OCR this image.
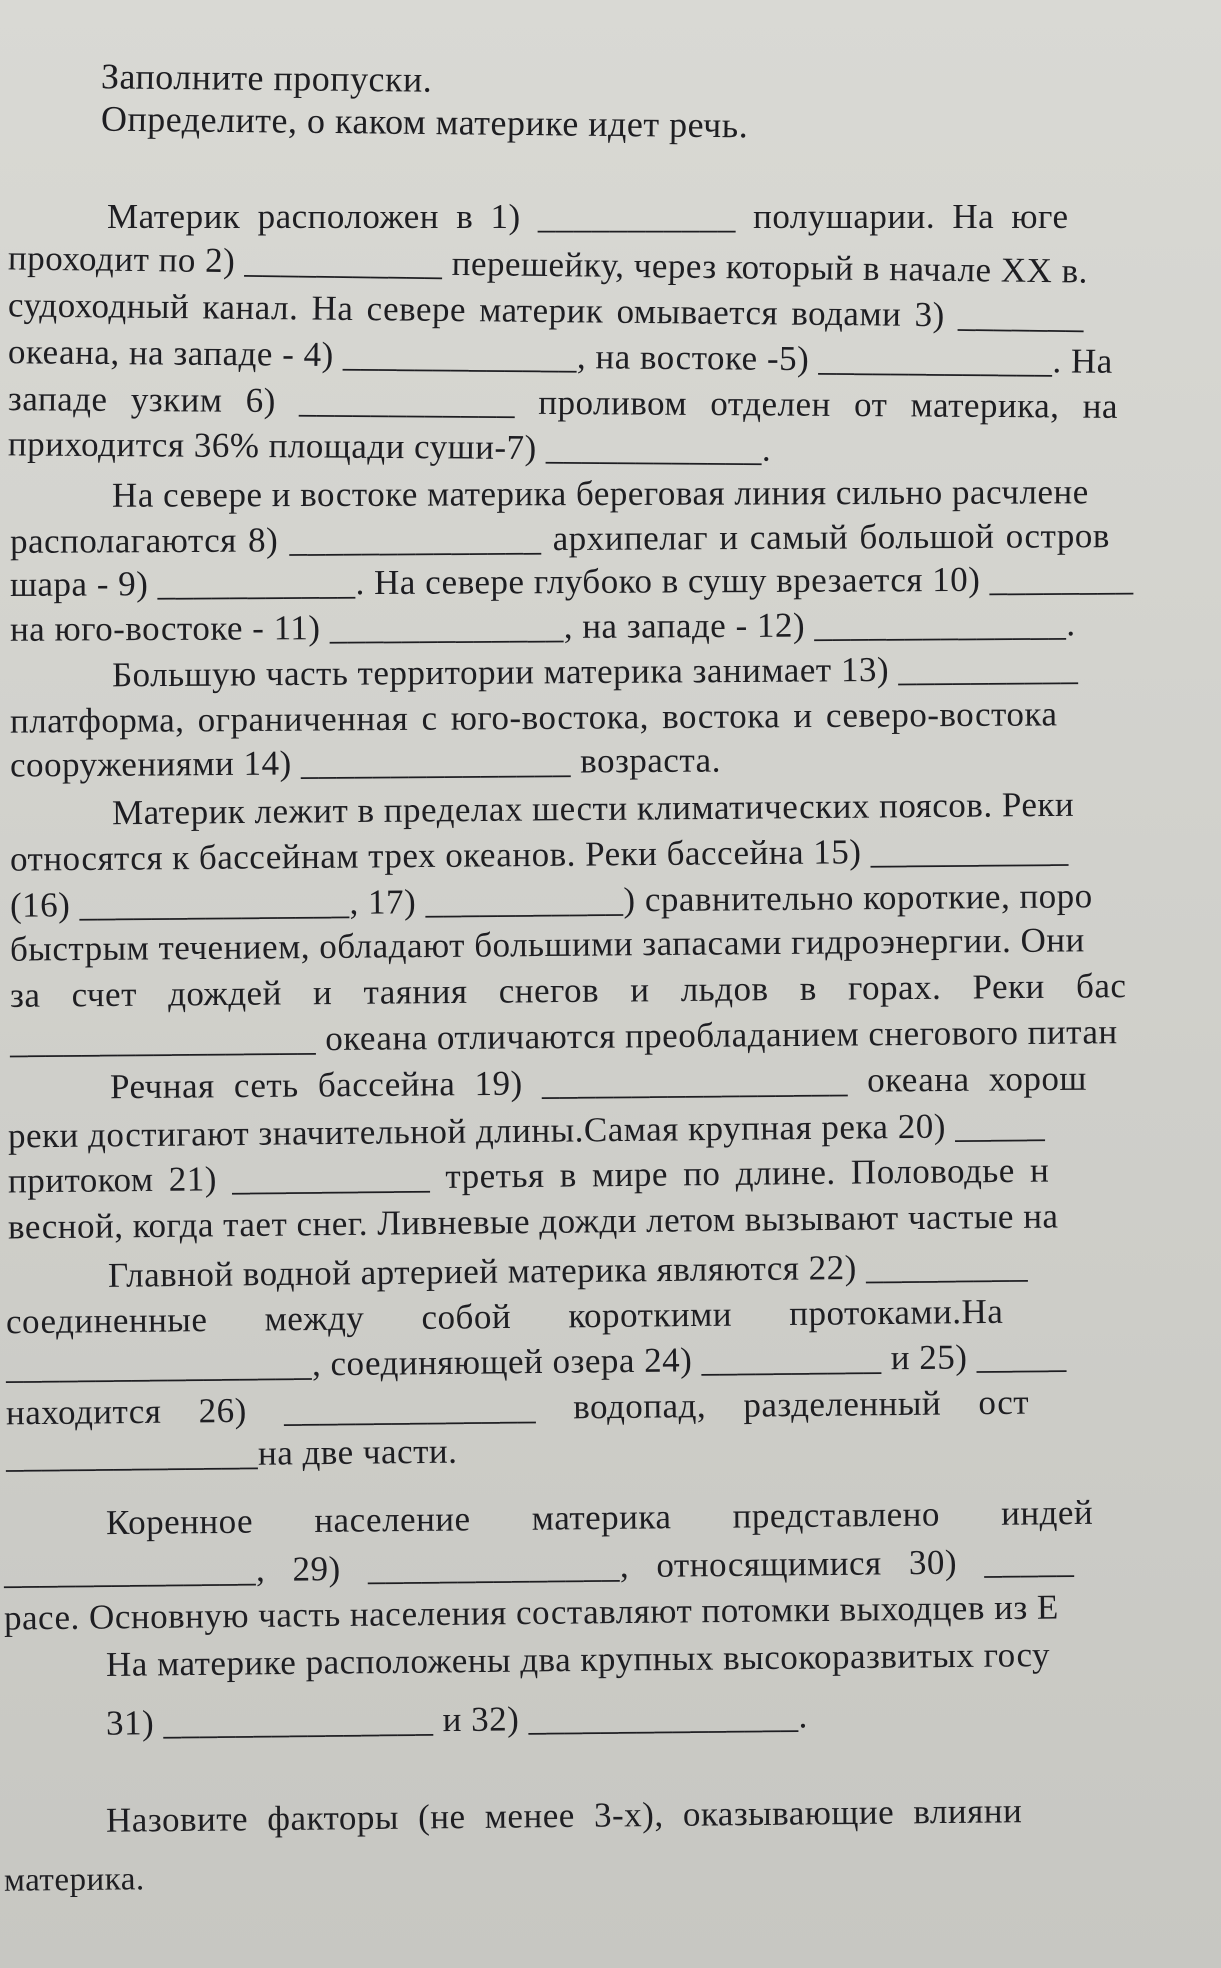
Заполните пропуски.
Определите, о каком материке идет речь.
Материк расположен в 1) ___________ полушарии. На юге
проходит по 2) ___________ перешейку, через который в начале XX в.
судоходный канал. На севере материк омывается водами 3) _______
океана, на западе - 4) _____________, на востоке -5) _____________. На
западе узким 6) ____________ проливом отделен от материка, на
приходится 36% площади суши-7) ____________.
На севере и востоке материка береговая линия сильно расчлене
располагаются 8) ______________ архипелаг и самый большой остров
шара - 9) ___________. На севере глубоко в сушу врезается 10) ________
на юго-востоке - 11) _____________, на западе - 12) ______________.
Большую часть территории материка занимает 13) __________
платформа, ограниченная с юго-востока, востока и северо-востока
сооружениями 14) _______________ возраста.
Материк лежит в пределах шести климатических поясов. Реки
относятся к бассейнам трех океанов. Реки бассейна 15) ___________
(16) _______________, 17) ___________) сравнительно короткие, поро
быстрым течением, обладают большими запасами гидроэнергии. Они
за счет дождей и таяния снегов и льдов в горах. Реки бас
_________________ океана отличаются преобладанием снегового питан
Речная сеть бассейна 19) _________________ океана хорош
реки достигают значительной длины.Самая крупная река 20) _____
притоком 21) ___________ третья в мире по длине. Половодье н
весной, когда тает снег. Ливневые дожди летом вызывают частые на
Главной водной артерией материка являются 22) _________
соединенные между собой короткими протоками.На
_________________, соединяющей озера 24) __________ и 25) _____
находится 26) ______________ водопад, разделенный ост
______________на две части.
Коренное население материка представлено индей
______________, 29) ______________, относящимися 30) _____
расе. Основную часть населения составляют потомки выходцев из Е
На материке расположены два крупных высокоразвитых госу
31) _______________ и 32) _______________.
Назовите факторы (не менее 3-х), оказывающие влияни
материка.
